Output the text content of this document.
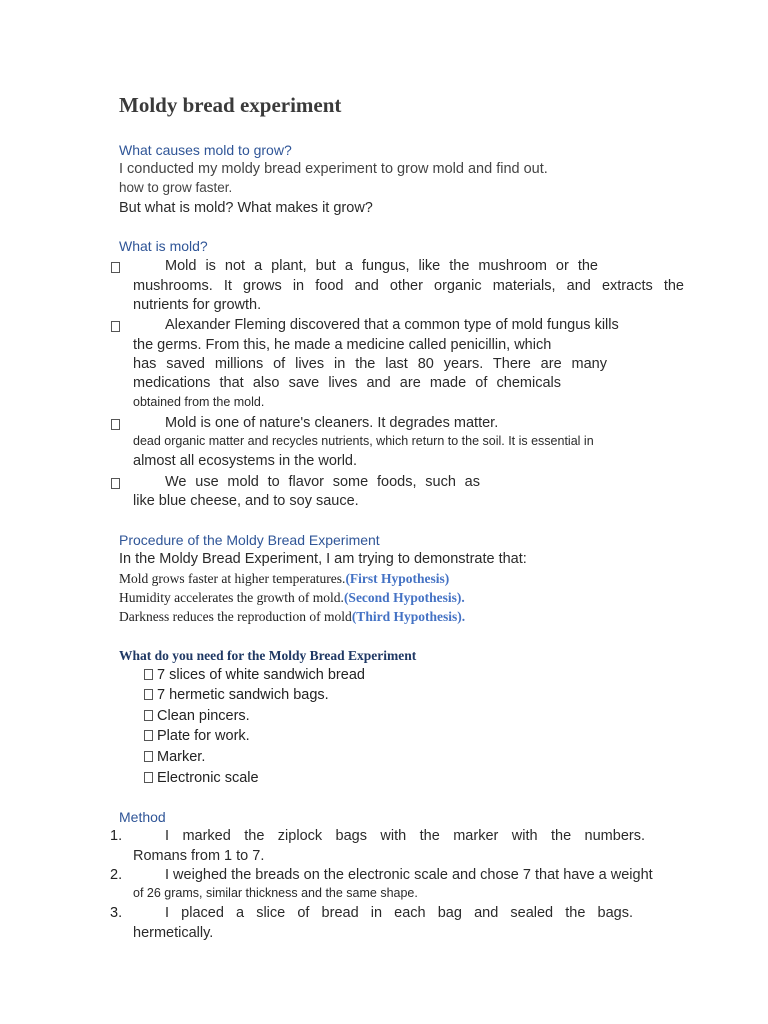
Moldy bread experiment
What causes mold to grow?
I conducted my moldy bread experiment to grow mold and find out.
how to grow faster.
But what is mold? What makes it grow?
What is mold?
Mold is not a plant, but a fungus, like the mushroom or the
mushrooms. It grows in food and other organic materials, and extracts the
nutrients for growth.
Alexander Fleming discovered that a common type of mold fungus kills
the germs. From this, he made a medicine called penicillin, which
has saved millions of lives in the last 80 years. There are many
medications that also save lives and are made of chemicals
obtained from the mold.
Mold is one of nature's cleaners. It degrades matter.
dead organic matter and recycles nutrients, which return to the soil. It is essential in
almost all ecosystems in the world.
We use mold to flavor some foods, such as
like blue cheese, and to soy sauce.
Procedure of the Moldy Bread Experiment
In the Moldy Bread Experiment, I am trying to demonstrate that:
Mold grows faster at higher temperatures.(First Hypothesis)
Humidity accelerates the growth of mold.(Second Hypothesis).
Darkness reduces the reproduction of mold(Third Hypothesis).
What do you need for the Moldy Bread Experiment
7 slices of white sandwich bread
7 hermetic sandwich bags.
Clean pincers.
Plate for work.
Marker.
Electronic scale
Method
1.	I marked the ziplock bags with the marker with the numbers.
Romans from 1 to 7.
2.	I weighed the breads on the electronic scale and chose 7 that have a weight
of 26 grams, similar thickness and the same shape.
3.	I placed a slice of bread in each bag and sealed the bags.
hermetically.
